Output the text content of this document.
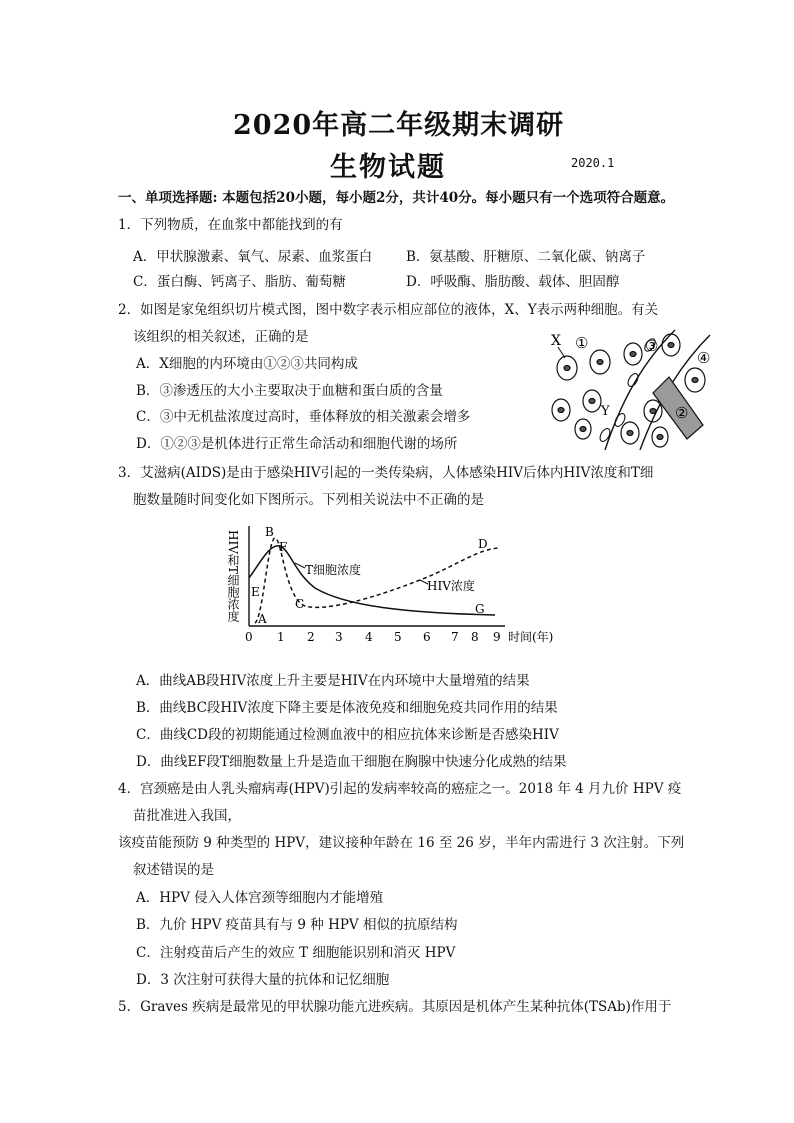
2020年高二年级期末调研
生物试题	2020.1
一、单项选择题: 本题包括20小题，每小题2分，共计40分。每小题只有一个选项符合题意。
1．下列物质，在血浆中都能找到的有
A．甲状腺激素、氧气、尿素、血浆蛋白	B．氨基酸、肝糖原、二氧化碳、钠离子
C．蛋白酶、钙离子、脂肪、葡萄糖	D．呼吸酶、脂肪酸、载体、胆固醇
2．如图是家兔组织切片模式图，图中数字表示相应部位的液体，X、Y表示两种细胞。有关
该组织的相关叙述，正确的是
A．X细胞的内环境由①②③共同构成
B．③渗透压的大小主要取决于血糖和蛋白质的含量
C．③中无机盐浓度过高时，垂体释放的相关激素会增多
D．①②③是机体进行正常生命活动和细胞代谢的场所
X ①	③
④
Y	②
3．艾滋病(AIDS)是由于感染HIV引起的一类传染病，人体感染HIV后体内HIV浓度和T细
胞数量随时间变化如下图所示。下列相关说法中不正确的是
HIV和T细胞浓度 A
B
C
D
E
F
G
T细胞浓度
HIV浓度
0 1 2 3 4 5 6 7 8 9 时间(年)
A．曲线AB段HIV浓度上升主要是HIV在内环境中大量增殖的结果
B．曲线BC段HIV浓度下降主要是体液免疫和细胞免疫共同作用的结果
C．曲线CD段的初期能通过检测血液中的相应抗体来诊断是否感染HIV
D．曲线EF段T细胞数量上升是造血干细胞在胸腺中快速分化成熟的结果
4．宫颈癌是由人乳头瘤病毒(HPV)引起的发病率较高的癌症之一。2018 年 4 月九价 HPV 疫
苗批准进入我国，
该疫苗能预防 9 种类型的 HPV，建议接种年龄在 16 至 26 岁，半年内需进行 3 次注射。下列
叙述错误的是
A．HPV 侵入人体宫颈等细胞内才能增殖
B．九价 HPV 疫苗具有与 9 种 HPV 相似的抗原结构
C．注射疫苗后产生的效应 T 细胞能识别和消灭 HPV
D．3 次注射可获得大量的抗体和记忆细胞
5．Graves 疾病是最常见的甲状腺功能亢进疾病。其原因是机体产生某种抗体(TSAb)作用于
